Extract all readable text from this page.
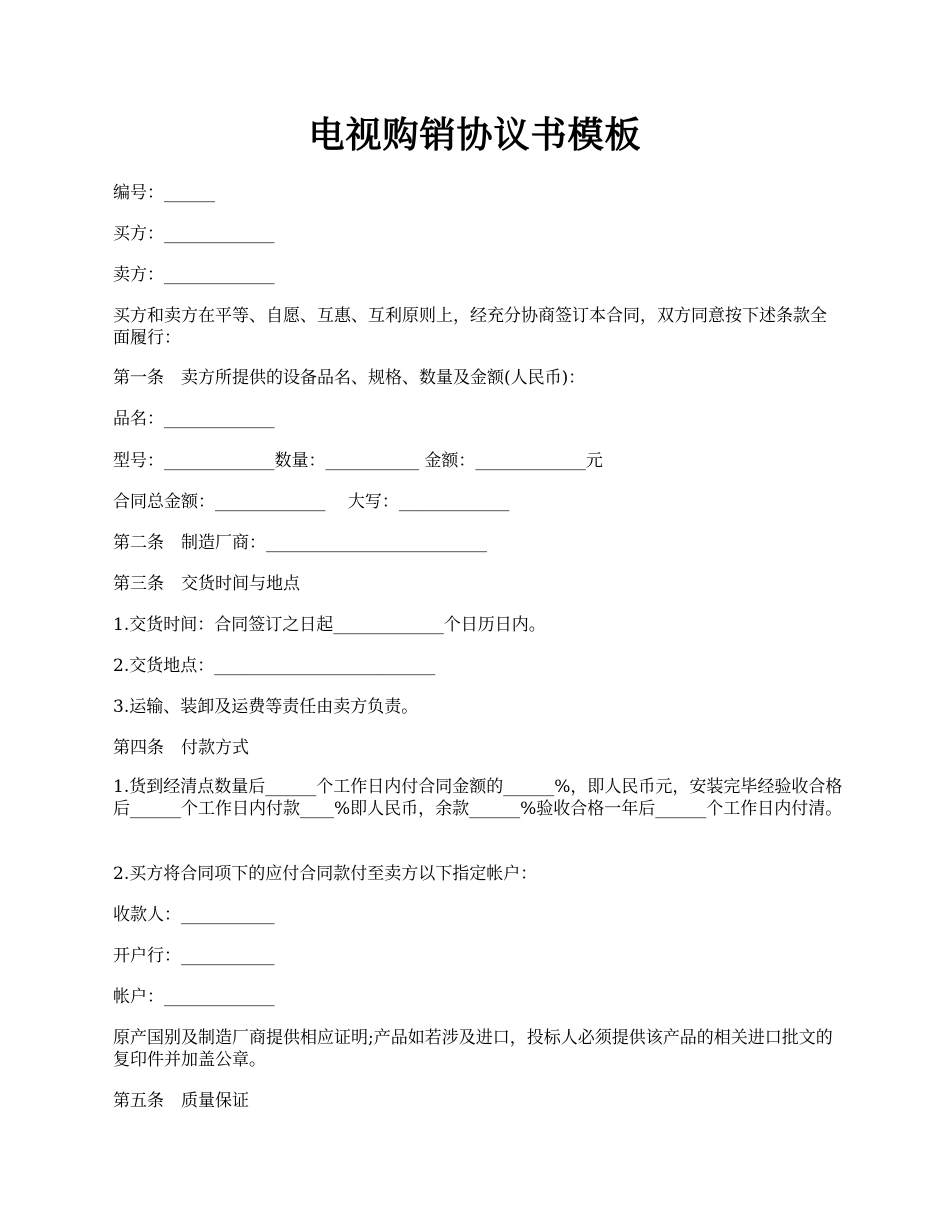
电视购销协议书模板
编号：______
买方：_____________
卖方：_____________
买方和卖方在平等、自愿、互惠、互利原则上，经充分协商签订本合同，双方同意按下述条款全面履行：
第一条　卖方所提供的设备品名、规格、数量及金额(人民币)：
品名：_____________
型号：_____________数量：___________ 金额：_____________元
合同总金额：_____________　 大写：_____________
第二条　制造厂商：__________________________
第三条　交货时间与地点
1.交货时间：合同签订之日起_____________个日历日内。
2.交货地点：__________________________
3.运输、装卸及运费等责任由卖方负责。
第四条　付款方式
1.货到经清点数量后______个工作日内付合同金额的______%，即人民币元，安装完毕经验收合格后______个工作日内付款____%即人民币，余款______%验收合格一年后______个工作日内付清。
2.买方将合同项下的应付合同款付至卖方以下指定帐户：
收款人：___________
开户行：___________
帐户：_____________
原产国别及制造厂商提供相应证明;产品如若涉及进口，投标人必须提供该产品的相关进口批文的复印件并加盖公章。
第五条　质量保证
